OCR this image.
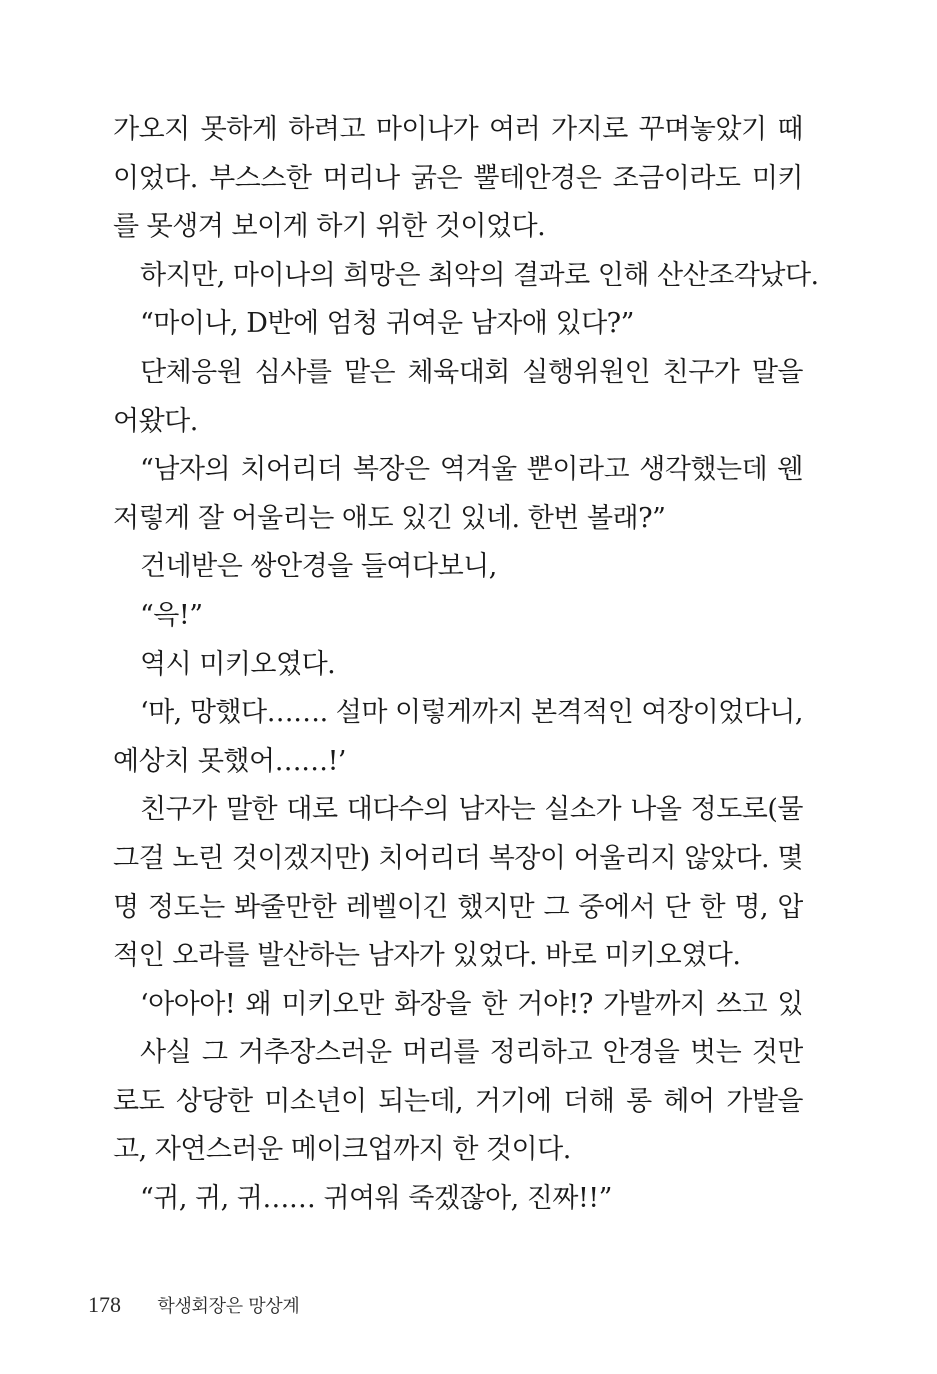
가오지 못하게 하려고 마이나가 여러 가지로 꾸며놓았기 때
이었다. 부스스한 머리나 굵은 뿔테안경은 조금이라도 미키
를 못생겨 보이게 하기 위한 것이었다.
하지만, 마이나의 희망은 최악의 결과로 인해 산산조각났다.
“마이나, D반에 엄청 귀여운 남자애 있다?”
단체응원 심사를 맡은 체육대회 실행위원인 친구가 말을
어왔다.
“남자의 치어리더 복장은 역겨울 뿐이라고 생각했는데 웬
저렇게 잘 어울리는 애도 있긴 있네. 한번 볼래?”
건네받은 쌍안경을 들여다보니,
“윽!”
역시 미키오였다.
‘마, 망했다……. 설마 이렇게까지 본격적인 여장이었다니,
예상치 못했어……!’
친구가 말한 대로 대다수의 남자는 실소가 나올 정도로(물
그걸 노린 것이겠지만) 치어리더 복장이 어울리지 않았다. 몇
명 정도는 봐줄만한 레벨이긴 했지만 그 중에서 단 한 명, 압
적인 오라를 발산하는 남자가 있었다. 바로 미키오였다.
‘아아아! 왜 미키오만 화장을 한 거야!? 가발까지 쓰고 있
사실 그 거추장스러운 머리를 정리하고 안경을 벗는 것만
로도 상당한 미소년이 되는데, 거기에 더해 롱 헤어 가발을
고, 자연스러운 메이크업까지 한 것이다.
“귀, 귀, 귀…… 귀여워 죽겠잖아, 진짜!!”
178 학생회장은 망상계
